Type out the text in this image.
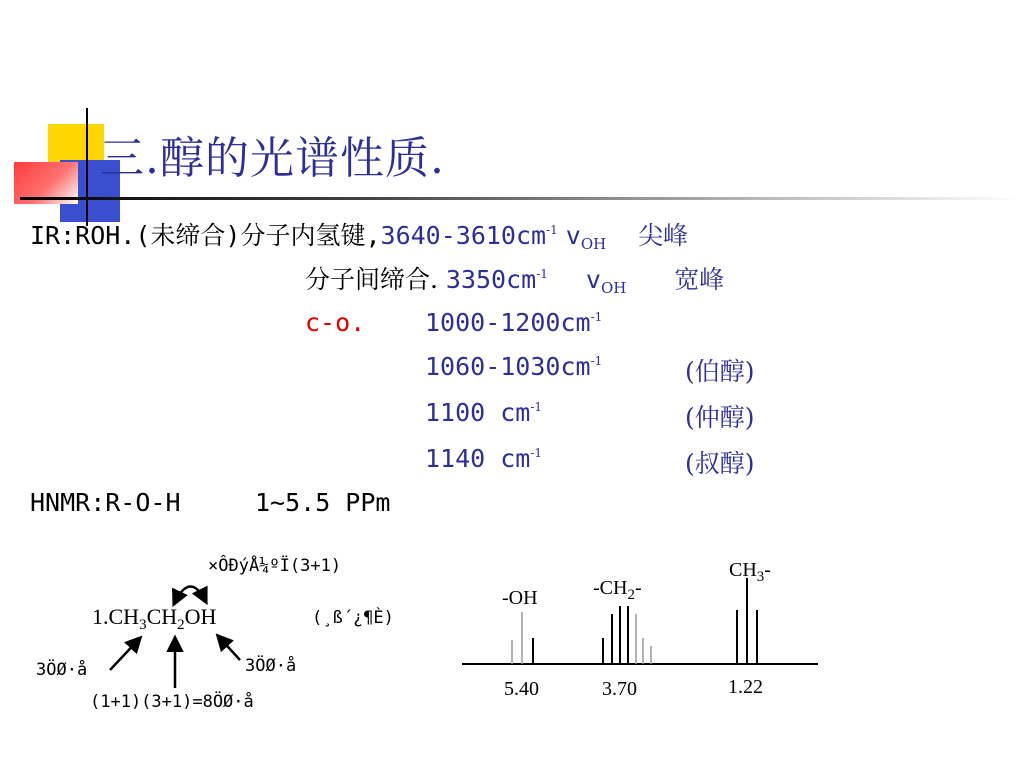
三.醇的光谱性质.
IR:ROH.(未缔合)分子内氢键$,3640-3610cm^{-1}$ $v_{OH}$ 尖峰
分子间缔合. $3350cm^{-1}$ $v_{OH}$ 宽峰
c-o. $1000-1200cm^{-1}$
$1060-1030cm^{-1}$	(伯醇)
1100 $cm^{-1}$	(仲醇)
1140 $cm^{-1}$	(叔醇)
HNMR:R-O-H	1~5.5 PPm
×ÔÐýÅ¼ºÏ(3+1)
$1.CH_3CH_2OH$	(¸ß´¿¶È)
3ÖØ·å	3ÖØ·å
(1+1)(3+1)=8ÖØ·å
-OH	$-CH_2-$
$CH_3-$
5.40	3.70	1.22
